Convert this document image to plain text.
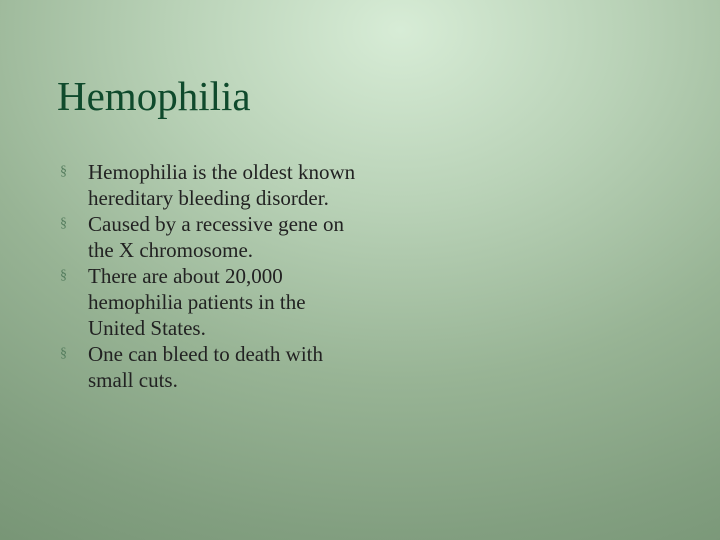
Hemophilia
§ Hemophilia is the oldest known hereditary bleeding disorder.
§ Caused by a recessive gene on the X chromosome.
§ There are about 20,000 hemophilia patients in the United States.
§ One can bleed to death with small cuts.
